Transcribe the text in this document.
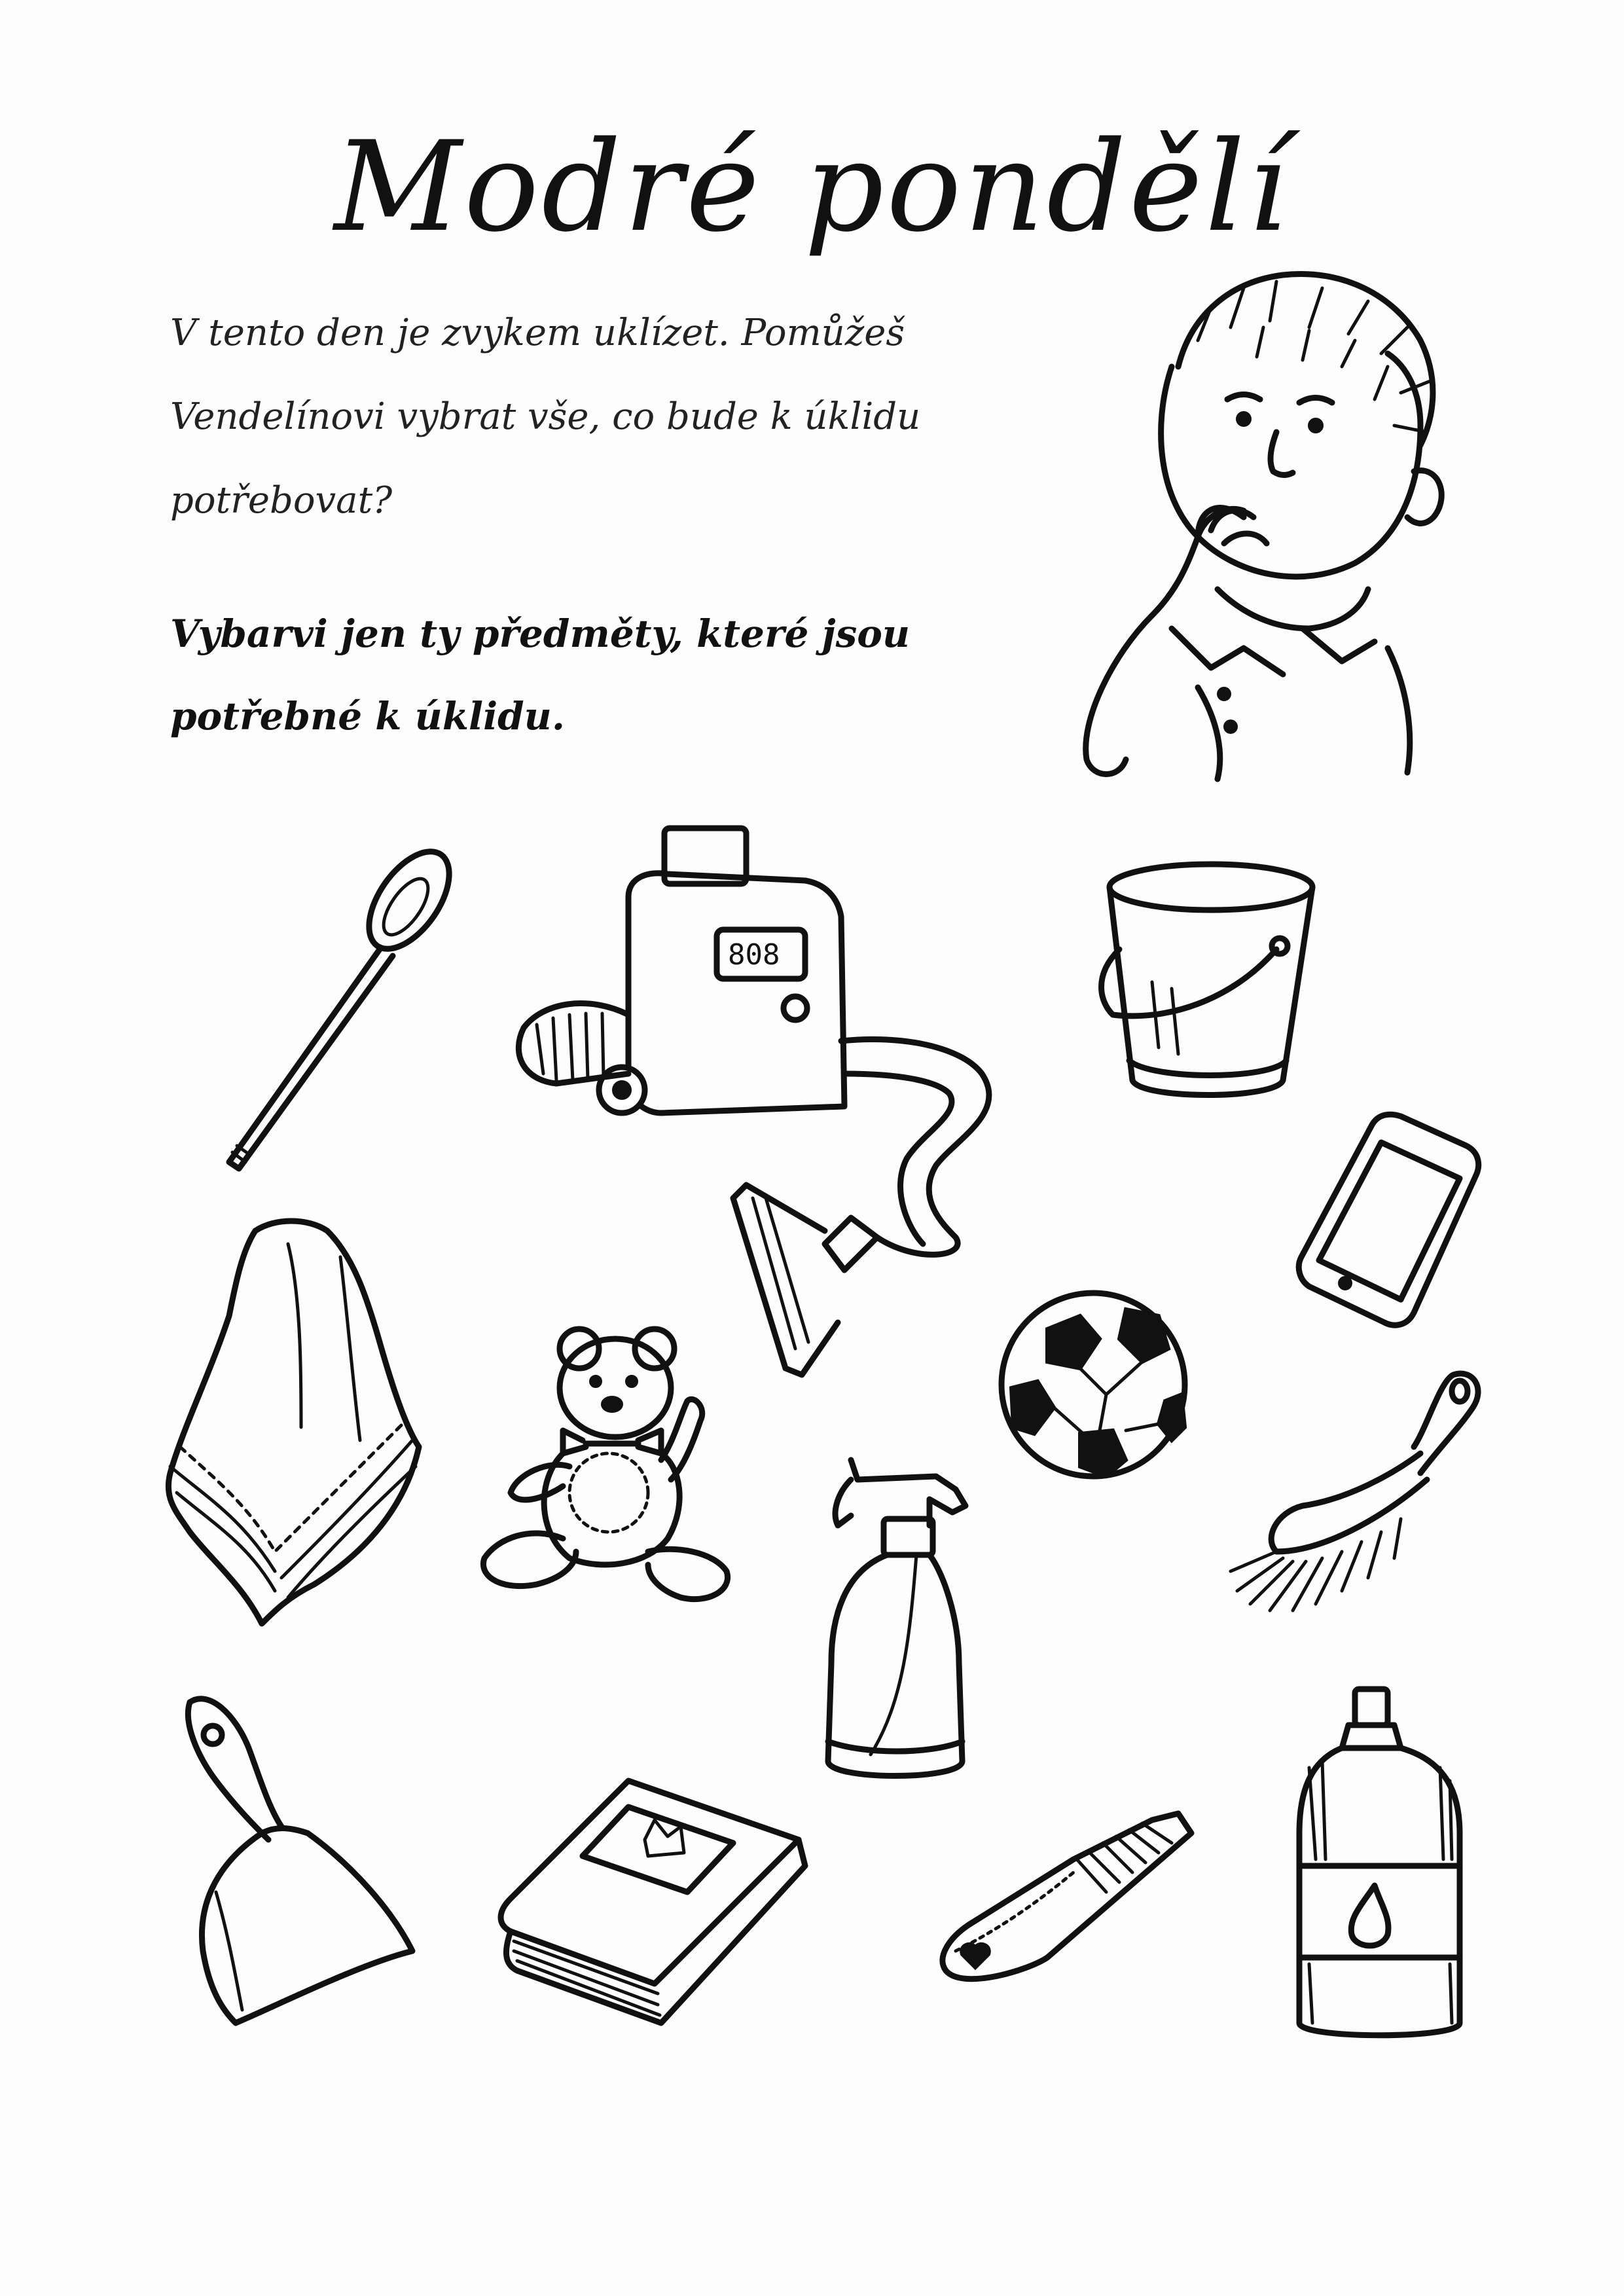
Modré pondělí
V tento den je zvykem uklízet. Pomůžeš
Vendelínovi vybrat vše, co bude k úklidu
potřebovat?
Vybarvi jen ty předměty, které jsou
potřebné k úklidu.
808
